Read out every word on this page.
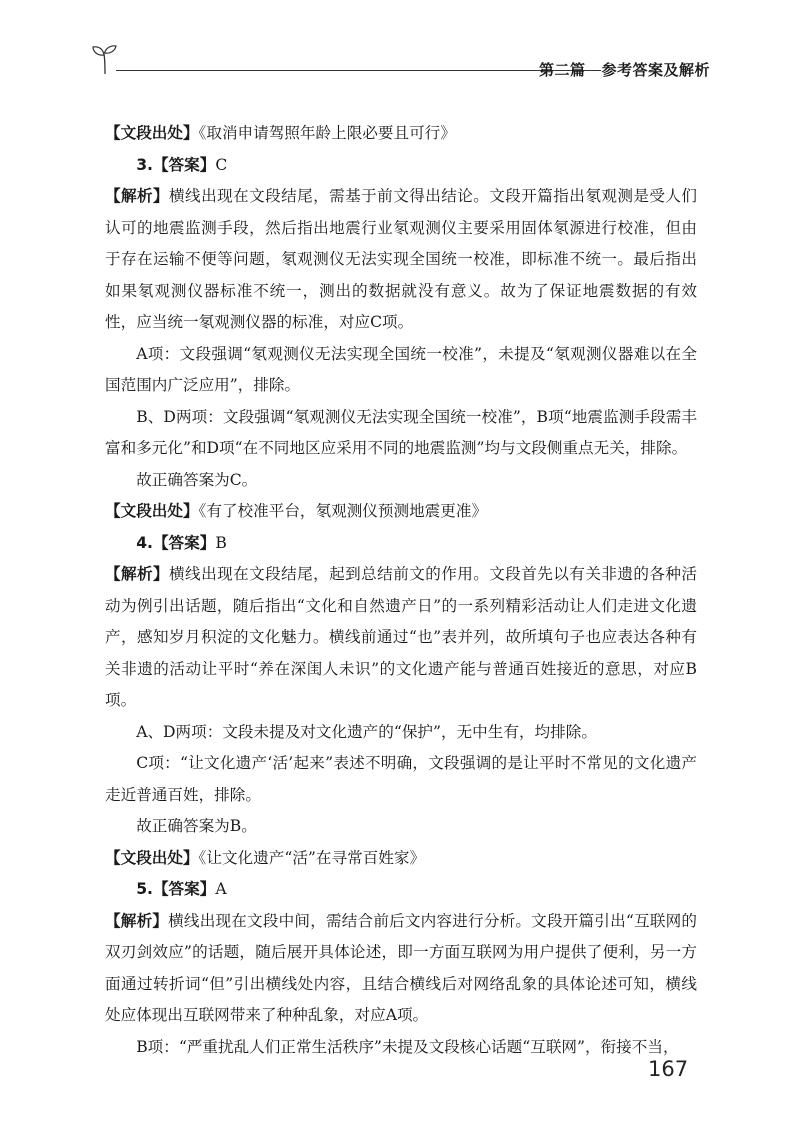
第二篇 参考答案及解析

【文段出处】《取消申请驾照年龄上限必要且可行》

3.【答案】C

【解析】横线出现在文段结尾，需基于前文得出结论。文段开篇指出氡观测是受人们认可的地震监测手段，然后指出地震行业氡观测仪主要采用固体氡源进行校准，但由于存在运输不便等问题，氡观测仪无法实现全国统一校准，即标准不统一。最后指出如果氡观测仪器标准不统一，测出的数据就没有意义。故为了保证地震数据的有效性，应当统一氡观测仪器的标准，对应C项。

A项：文段强调“氡观测仪无法实现全国统一校准”，未提及“氡观测仪器难以在全国范围内广泛应用”，排除。

B、D两项：文段强调“氡观测仪无法实现全国统一校准”，B项“地震监测手段需丰富和多元化”和D项“在不同地区应采用不同的地震监测”均与文段侧重点无关，排除。

故正确答案为C。

【文段出处】《有了校准平台，氡观测仪预测地震更准》

4.【答案】B

【解析】横线出现在文段结尾，起到总结前文的作用。文段首先以有关非遗的各种活动为例引出话题，随后指出“文化和自然遗产日”的一系列精彩活动让人们走进文化遗产，感知岁月积淀的文化魅力。横线前通过“也”表并列，故所填句子也应表达各种有关非遗的活动让平时“养在深闺人未识”的文化遗产能与普通百姓接近的意思，对应B项。

A、D两项：文段未提及对文化遗产的“保护”，无中生有，均排除。

C项：“让文化遗产‘活’起来”表述不明确，文段强调的是让平时不常见的文化遗产走近普通百姓，排除。

故正确答案为B。

【文段出处】《让文化遗产“活”在寻常百姓家》

5.【答案】A

【解析】横线出现在文段中间，需结合前后文内容进行分析。文段开篇引出“互联网的双刃剑效应”的话题，随后展开具体论述，即一方面互联网为用户提供了便利，另一方面通过转折词“但”引出横线处内容，且结合横线后对网络乱象的具体论述可知，横线处应体现出互联网带来了种种乱象，对应A项。

B项：“严重扰乱人们正常生活秩序”未提及文段核心话题“互联网”，衔接不当，

167
